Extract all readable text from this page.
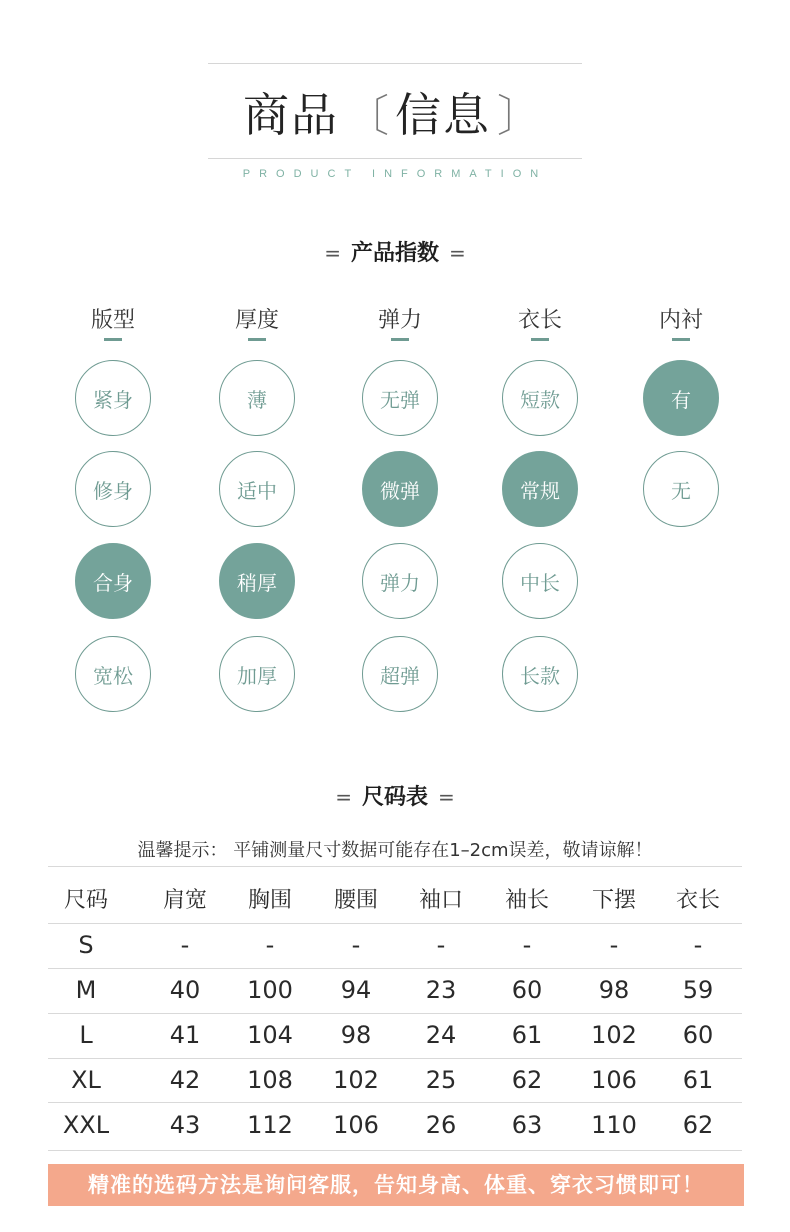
商品 〔 信息 〕
PRODUCT INFORMATION
= 产品指数 =
版型
紧身
修身
合身
宽松
厚度
薄
适中
稍厚
加厚
弹力
无弹
微弹
弹力
超弹
衣长
短款
常规
中长
长款
内衬
有
无
= 尺码表 =
温馨提示： 平铺测量尺寸数据可能存在1–2cm误差，敬请谅解！
尺码	肩宽	胸围	腰围	袖口	袖长	下摆	衣长
S	-	-	-	-	-	-	-
M	40	100	94	23	60	98	59
L	41	104	98	24	61	102	60
XL	42	108	102	25	62	106	61
XXL	43	112	106	26	63	110	62
精准的选码方法是询问客服，告知身高、体重、穿衣习惯即可！
